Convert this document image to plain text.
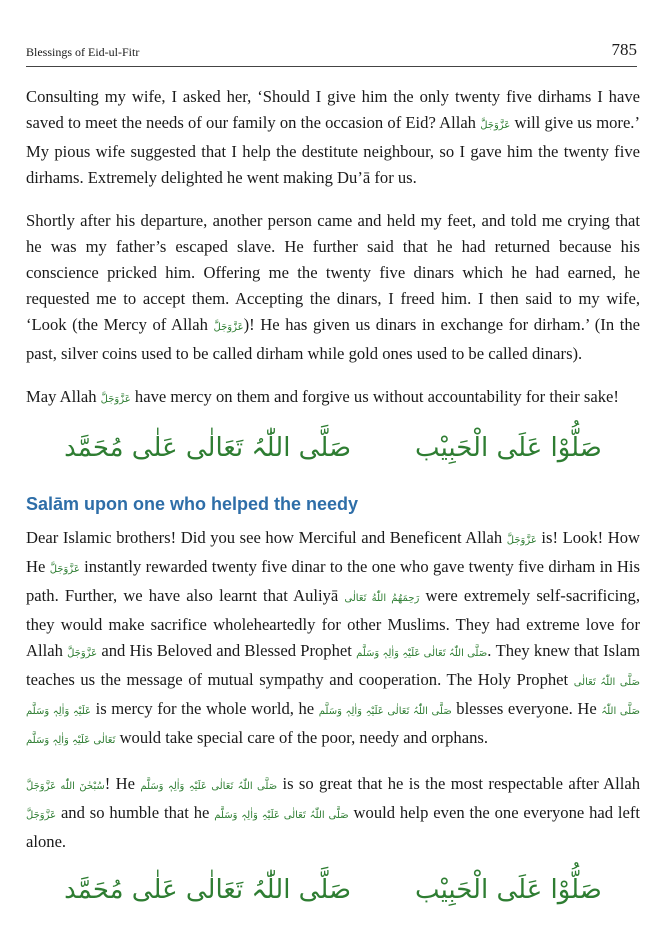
Blessings of Eid-ul-Fitr	785

Consulting my wife, I asked her, ‘Should I give him the only twenty five dirhams I have saved to meet the needs of our family on the occasion of Eid? Allah عَزَّوَجَلَّ will give us more.’ My pious wife suggested that I help the destitute neighbour, so I gave him the twenty five dirhams. Extremely delighted he went making Du’ā for us.

Shortly after his departure, another person came and held my feet, and told me crying that he was my father’s escaped slave. He further said that he had returned because his conscience pricked him. Offering me the twenty five dinars which he had earned, he requested me to accept them. Accepting the dinars, I freed him. I then said to my wife, ‘Look (the Mercy of Allah عَزَّوَجَلَّ)! He has given us dinars in exchange for dirham.’ (In the past, silver coins used to be called dirham while gold ones used to be called dinars).

May Allah عَزَّوَجَلَّ have mercy on them and forgive us without accountability for their sake!

صَلُّوْا عَلَی الْحَبِیْب
صَلَّی اللّٰہُ تَعَالٰی عَلٰی مُحَمَّد
Salām upon one who helped the needy

Dear Islamic brothers! Did you see how Merciful and Beneficent Allah عَزَّوَجَلَّ is! Look! How He عَزَّوَجَلَّ instantly rewarded twenty five dinar to the one who gave twenty five dirham in His path. Further, we have also learnt that Auliyā رَحِمَهُمُ اللّٰهُ تَعَالٰی were extremely self-sacrificing, they would make sacrifice wholeheartedly for other Muslims. They had extreme love for Allah عَزَّوَجَلَّ and His Beloved and Blessed Prophet صَلَّی اللّٰہُ تَعَالٰی عَلَیْہِ وَاٰلِہٖ وَسَلَّم. They knew that Islam teaches us the message of mutual sympathy and cooperation. The Holy Prophet صَلَّی اللّٰہُ تَعَالٰی عَلَیْہِ وَاٰلِہٖ وَسَلَّم is mercy for the whole world, he صَلَّی اللّٰہُ تَعَالٰی عَلَیْہِ وَاٰلِہٖ وَسَلَّم blesses everyone. He صَلَّی اللّٰہُ تَعَالٰی عَلَیْہِ وَاٰلِہٖ وَسَلَّم would take special care of the poor, needy and orphans.

سُبْحٰنَ اللّٰه عَزَّوَجَلَّ! He صَلَّی اللّٰہُ تَعَالٰی عَلَیْہِ وَاٰلِہٖ وَسَلَّم is so great that he is the most respectable after Allah عَزَّوَجَلَّ and so humble that he صَلَّی اللّٰہُ تَعَالٰی عَلَیْہِ وَاٰلِہٖ وَسَلَّم would help even the one everyone had left alone.

صَلُّوْا عَلَی الْحَبِیْب
صَلَّی اللّٰہُ تَعَالٰی عَلٰی مُحَمَّد
